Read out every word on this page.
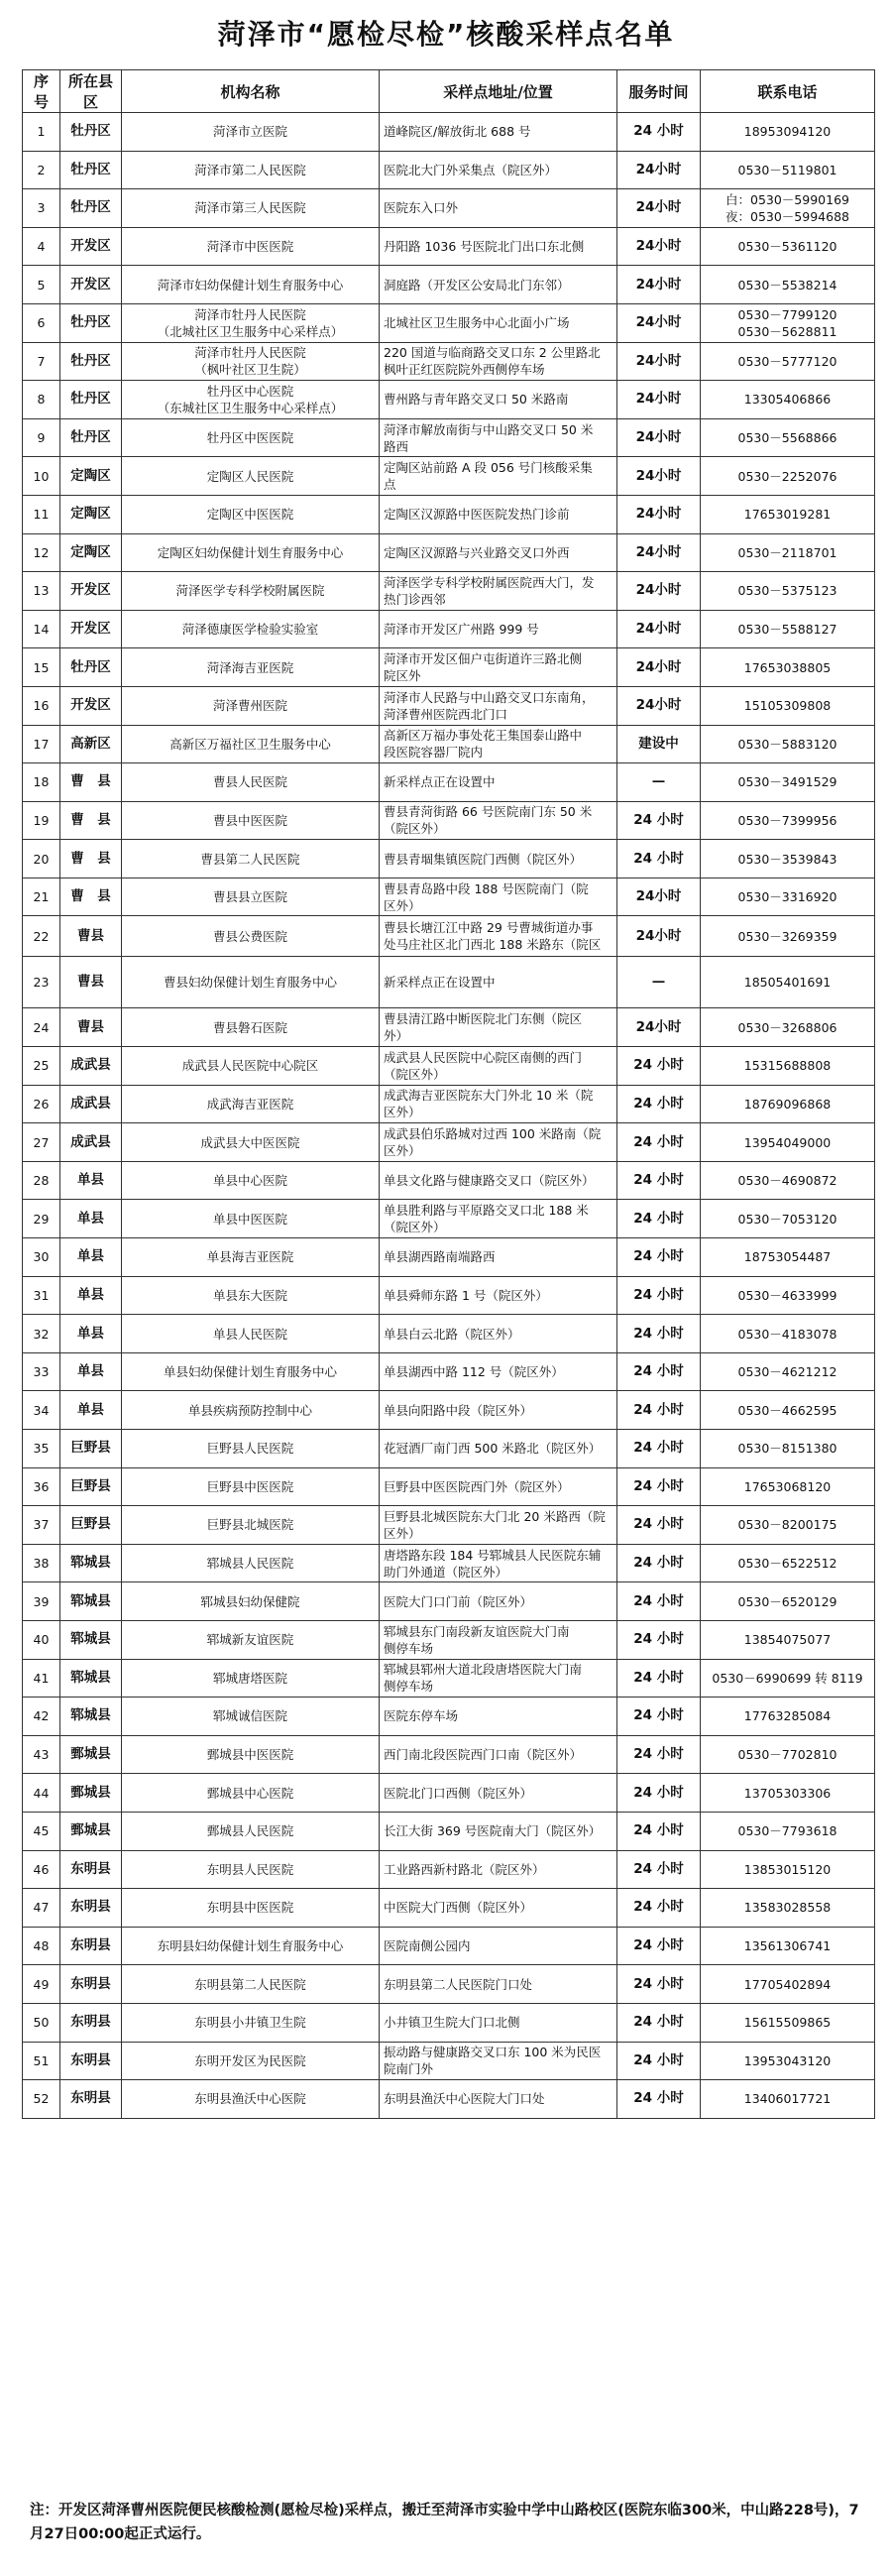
菏泽市“愿检尽检”核酸采样点名单
序号	所在县区	机构名称	采样点地址/位置	服务时间	联系电话
1	牡丹区	菏泽市立医院	道峰院区/解放街北 688 号	24 小时	18953094120

2	牡丹区	菏泽市第二人民医院	医院北大门外采集点（院区外）	24小时	0530－5119801

3	牡丹区	菏泽市第三人民医院	医院东入口外	24小时	白：0530－5990169
夜：0530－5994688

4	开发区	菏泽市中医医院	丹阳路 1036 号医院北门出口东北侧	24小时	0530－5361120

5	开发区	菏泽市妇幼保健计划生育服务中心	洞庭路（开发区公安局北门东邻）	24小时	0530－5538214

6	牡丹区	菏泽市牡丹人民医院
（北城社区卫生服务中心采样点）	北城社区卫生服务中心北面小广场	24小时	0530－7799120
0530－5628811

7	牡丹区	菏泽市牡丹人民医院
（枫叶社区卫生院）	220 国道与临商路交叉口东 2 公里路北
枫叶正红医院院外西侧停车场	24小时	0530－5777120

8	牡丹区	牡丹区中心医院
（东城社区卫生服务中心采样点）	曹州路与青年路交叉口 50 米路南	24小时	13305406866

9	牡丹区	牡丹区中医医院	菏泽市解放南街与中山路交叉口 50 米
路西	24小时	0530－5568866

10	定陶区	定陶区人民医院	定陶区站前路 A 段 056 号门核酸采集
点	24小时	0530－2252076

11	定陶区	定陶区中医医院	定陶区汉源路中医医院发热门诊前	24小时	17653019281

12	定陶区	定陶区妇幼保健计划生育服务中心	定陶区汉源路与兴业路交叉口外西	24小时	0530－2118701

13	开发区	菏泽医学专科学校附属医院	菏泽医学专科学校附属医院西大门，发
热门诊西邻	24小时	0530－5375123

14	开发区	菏泽德康医学检验实验室	菏泽市开发区广州路 999 号	24小时	0530－5588127

15	牡丹区	菏泽海吉亚医院	菏泽市开发区佃户屯街道许三路北侧
院区外	24小时	17653038805

16	开发区	菏泽曹州医院	菏泽市人民路与中山路交叉口东南角，
菏泽曹州医院西北门口	24小时	15105309808

17	高新区	高新区万福社区卫生服务中心	高新区万福办事处花王集国泰山路中
段医院容器厂院内	建设中	0530－5883120

18	曹　县	曹县人民医院	新采样点正在设置中	—	0530－3491529

19	曹　县	曹县中医医院	曹县青菏街路 66 号医院南门东 50 米
（院区外）	24 小时	0530－7399956

20	曹　县	曹县第二人民医院	曹县青堌集镇医院门西侧（院区外）	24 小时	0530－3539843

21	曹　县	曹县县立医院	曹县青岛路中段 188 号医院南门（院
区外）	24小时	0530－3316920

22	曹县	曹县公费医院	曹县长塘江江中路 29 号曹城街道办事
处马庄社区北门西北 188 米路东（院区	24小时	0530－3269359

23	曹县	曹县妇幼保健计划生育服务中心	新采样点正在设置中	—	18505401691

24	曹县	曹县磐石医院	曹县清江路中断医院北门东侧（院区
外）	24小时	0530－3268806

25	成武县	成武县人民医院中心院区	成武县人民医院中心院区南侧的西门
（院区外）	24 小时	15315688808

26	成武县	成武海吉亚医院	成武海吉亚医院东大门外北 10 米（院
区外）	24 小时	18769096868

27	成武县	成武县大中医医院	成武县伯乐路城对过西 100 米路南（院
区外）	24 小时	13954049000

28	单县	单县中心医院	单县文化路与健康路交叉口（院区外）	24 小时	0530－4690872

29	单县	单县中医医院	单县胜利路与平原路交叉口北 188 米
（院区外）	24 小时	0530－7053120

30	单县	单县海吉亚医院	单县湖西路南端路西	24 小时	18753054487

31	单县	单县东大医院	单县舜师东路 1 号（院区外）	24 小时	0530－4633999

32	单县	单县人民医院	单县白云北路（院区外）	24 小时	0530－4183078

33	单县	单县妇幼保健计划生育服务中心	单县湖西中路 112 号（院区外）	24 小时	0530－4621212

34	单县	单县疾病预防控制中心	单县向阳路中段（院区外）	24 小时	0530－4662595

35	巨野县	巨野县人民医院	花冠酒厂南门西 500 米路北（院区外）	24 小时	0530－8151380

36	巨野县	巨野县中医医院	巨野县中医医院西门外（院区外）	24 小时	17653068120

37	巨野县	巨野县北城医院	巨野县北城医院东大门北 20 米路西（院
区外）	24 小时	0530－8200175

38	郓城县	郓城县人民医院	唐塔路东段 184 号郓城县人民医院东辅
助门外通道（院区外）	24 小时	0530－6522512

39	郓城县	郓城县妇幼保健院	医院大门口门前（院区外）	24 小时	0530－6520129

40	郓城县	郓城新友谊医院	郓城县东门南段新友谊医院大门南
侧停车场	24 小时	13854075077

41	郓城县	郓城唐塔医院	郓城县郓州大道北段唐塔医院大门南
侧停车场	24 小时	0530－6990699 转 8119

42	郓城县	郓城诚信医院	医院东停车场	24 小时	17763285084

43	鄄城县	鄄城县中医医院	西门南北段医院西门口南（院区外）	24 小时	0530－7702810

44	鄄城县	鄄城县中心医院	医院北门口西侧（院区外）	24 小时	13705303306

45	鄄城县	鄄城县人民医院	长江大街 369 号医院南大门（院区外）	24 小时	0530－7793618

46	东明县	东明县人民医院	工业路西新村路北（院区外）	24 小时	13853015120

47	东明县	东明县中医医院	中医院大门西侧（院区外）	24 小时	13583028558

48	东明县	东明县妇幼保健计划生育服务中心	医院南侧公园内	24 小时	13561306741

49	东明县	东明县第二人民医院	东明县第二人民医院门口处	24 小时	17705402894

50	东明县	东明县小井镇卫生院	小井镇卫生院大门口北侧	24 小时	15615509865

51	东明县	东明开发区为民医院	振动路与健康路交叉口东 100 米为民医
院南门外	24 小时	13953043120

52	东明县	东明县渔沃中心医院	东明县渔沃中心医院大门口处	24 小时	13406017721
注：开发区菏泽曹州医院便民核酸检测(愿检尽检)采样点，搬迁至菏泽市实验中学中山路校区(医院东临300米，中山路228号)，7月27日00:00起正式运行。
